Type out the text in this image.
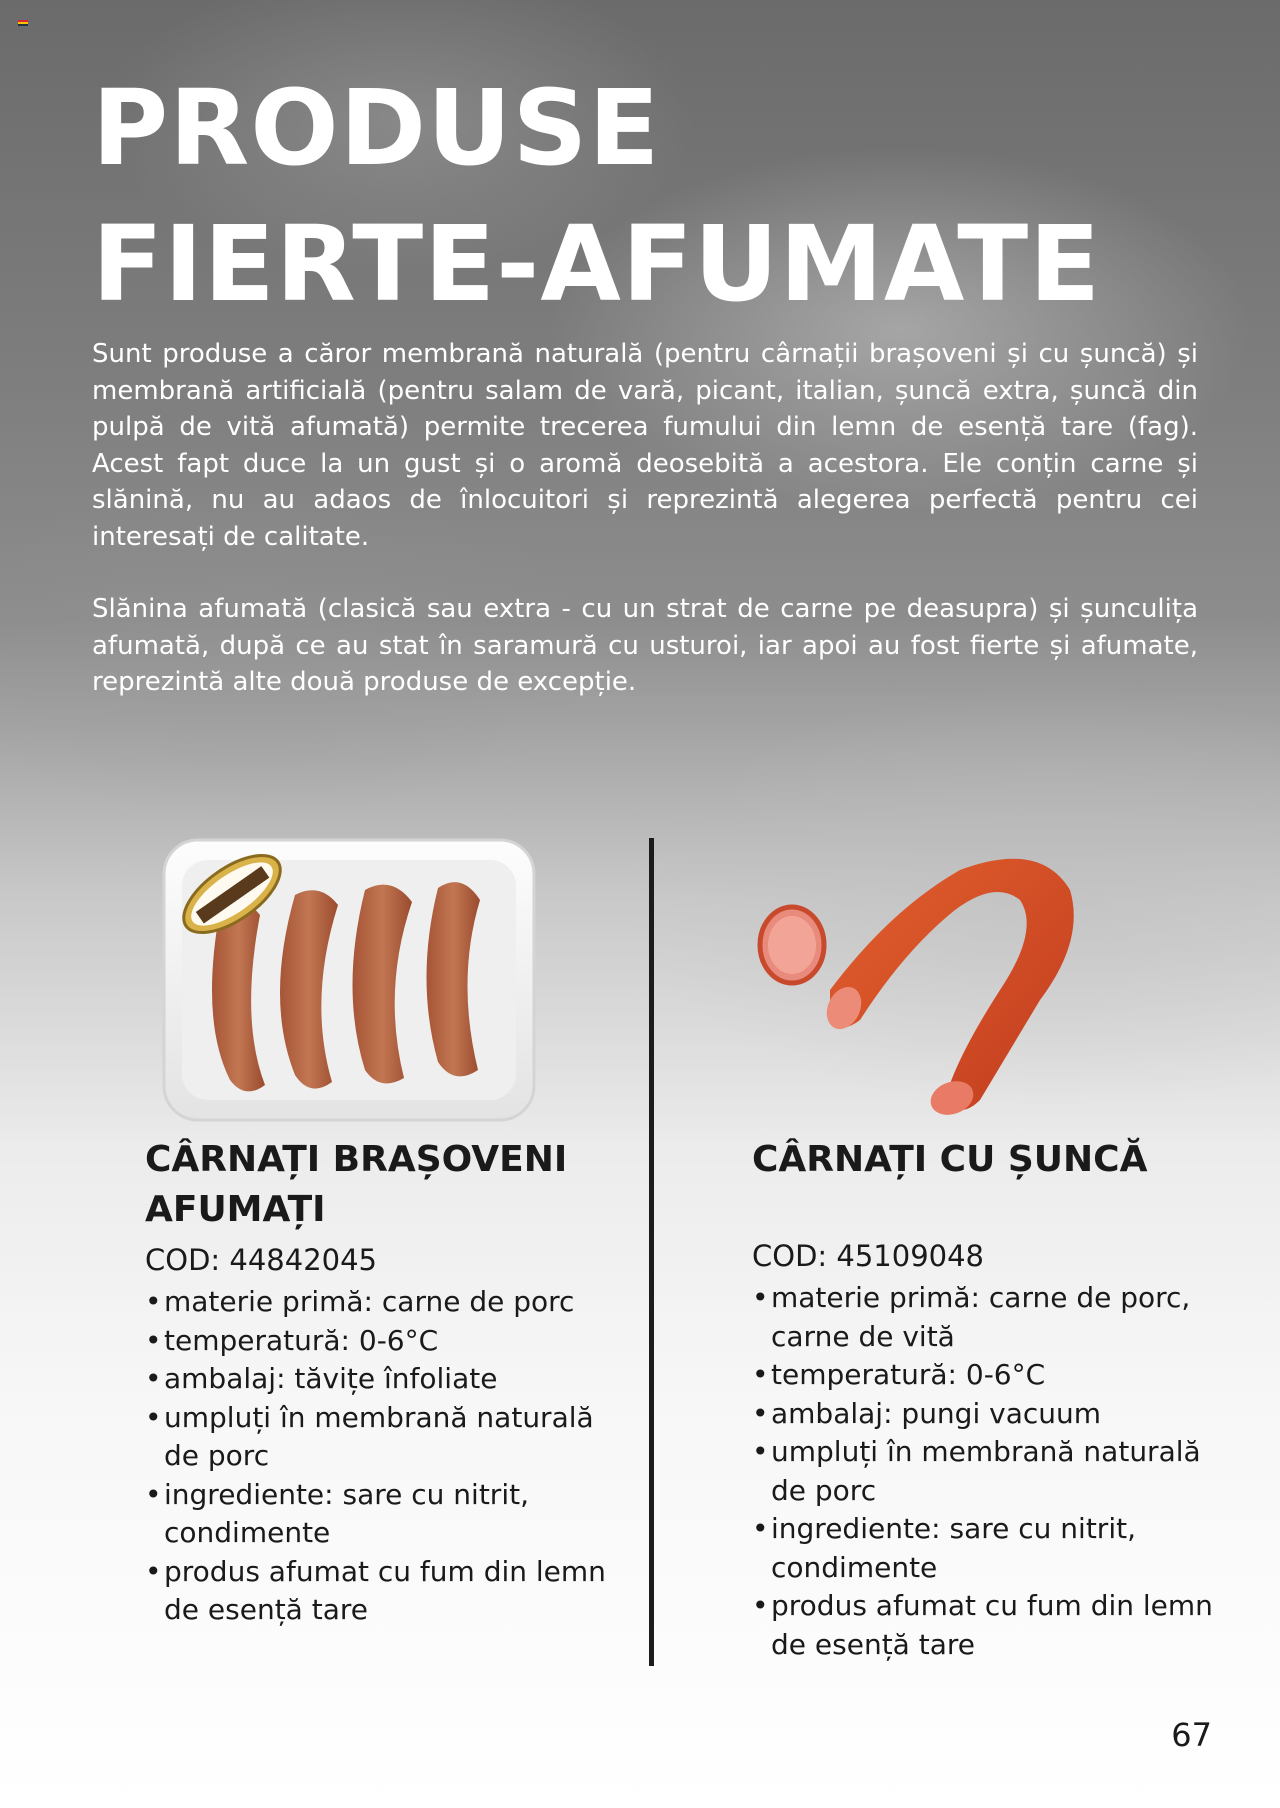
PRODUSE
FIERTE-AFUMATE

Sunt produse a căror membrană naturală (pentru cârnații brașoveni și cu șuncă) și membrană artificială (pentru salam de vară, picant, italian, șuncă extra, șuncă din pulpă de vită afumată) permite trecerea fumului din lemn de esență tare (fag). Acest fapt duce la un gust și o aromă deosebită a acestora. Ele conțin carne și slănină, nu au adaos de înlocuitori și reprezintă alegerea perfectă pentru cei interesați de calitate.

Slănina afumată (clasică sau extra - cu un strat de carne pe deasupra) și șunculița afumată, după ce au stat în saramură cu usturoi, iar apoi au fost fierte și afumate, reprezintă alte două produse de excepție.

CÂRNAȚI BRAȘOVENI AFUMAȚI
COD: 44842045
• materie primă: carne de porc
• temperatură: 0-6°C
• ambalaj: tăvițe înfoliate
• umpluți în membrană naturală de porc
• ingrediente: sare cu nitrit, condimente
• produs afumat cu fum din lemn de esență tare
CÂRNAȚI CU ȘUNCĂ
COD: 45109048
• materie primă: carne de porc, carne de vită
• temperatură: 0-6°C
• ambalaj: pungi vacuum
• umpluți în membrană naturală de porc
• ingrediente: sare cu nitrit, condimente
• produs afumat cu fum din lemn de esență tare
67
